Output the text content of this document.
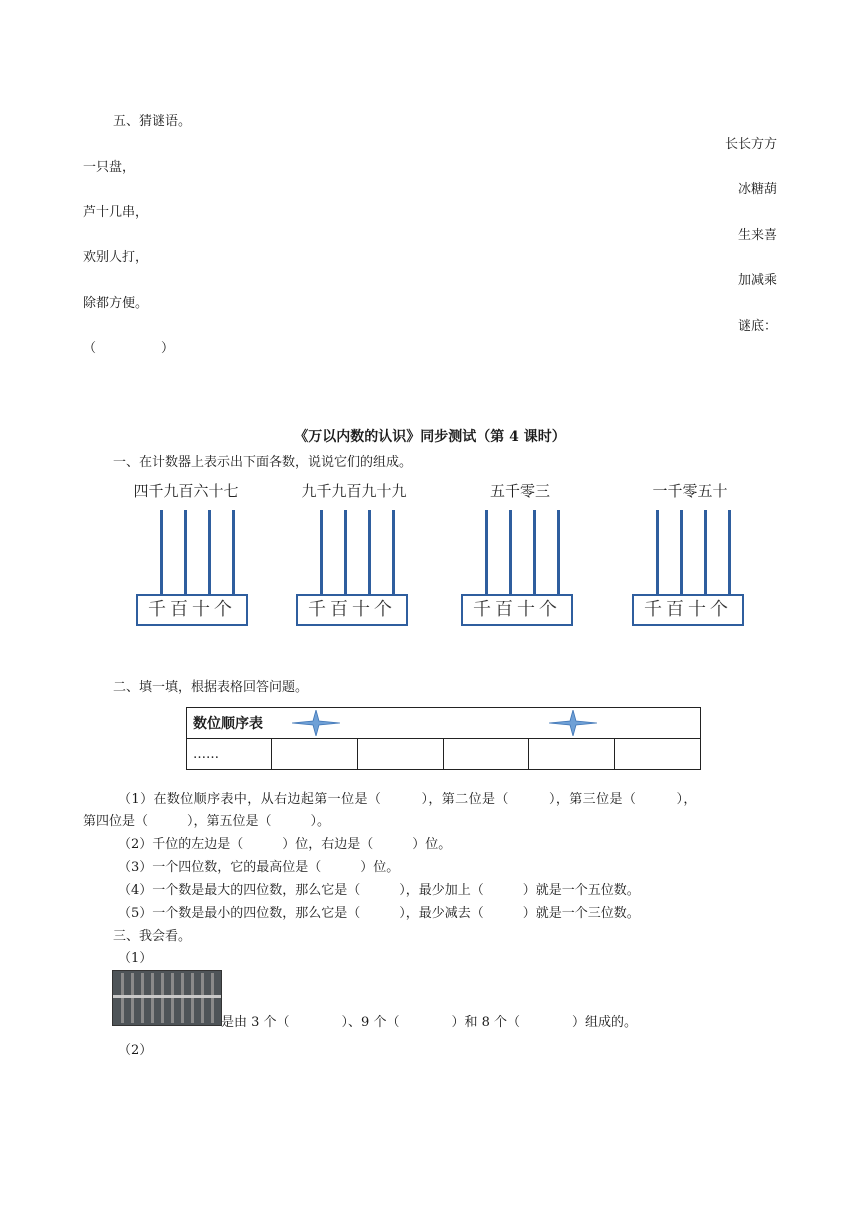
五、猜谜语。
长长方方
一只盘，
冰糖葫
芦十几串，
生来喜
欢别人打，
加减乘
除都方便。
谜底：
（　　　　　）
《万以内数的认识》同步测试（第 4 课时）
一、在计数器上表示出下面各数，说说它们的组成。
四千九百六十七
千百十个
九千九百九十九
千百十个
五千零三
千百十个
一千零五十
千百十个
二、填一填，根据表格回答问题。
数位顺序表

……					
（1）在数位顺序表中，从右边起第一位是（　　　），第二位是（　　　），第三位是（　　　），
第四位是（　　　），第五位是（　　　）。
（2）千位的左边是（　　　）位，右边是（　　　）位。
（3）一个四位数，它的最高位是（　　　）位。
（4）一个数是最大的四位数，那么它是（　　　），最少加上（　　　）就是一个五位数。
（5）一个数是最小的四位数，那么它是（　　　），最少减去（　　　）就是一个三位数。
三、我会看。
（1）
是由 3 个（　　　　）、9 个（　　　　）和 8 个（　　　　）组成的。
（2）
